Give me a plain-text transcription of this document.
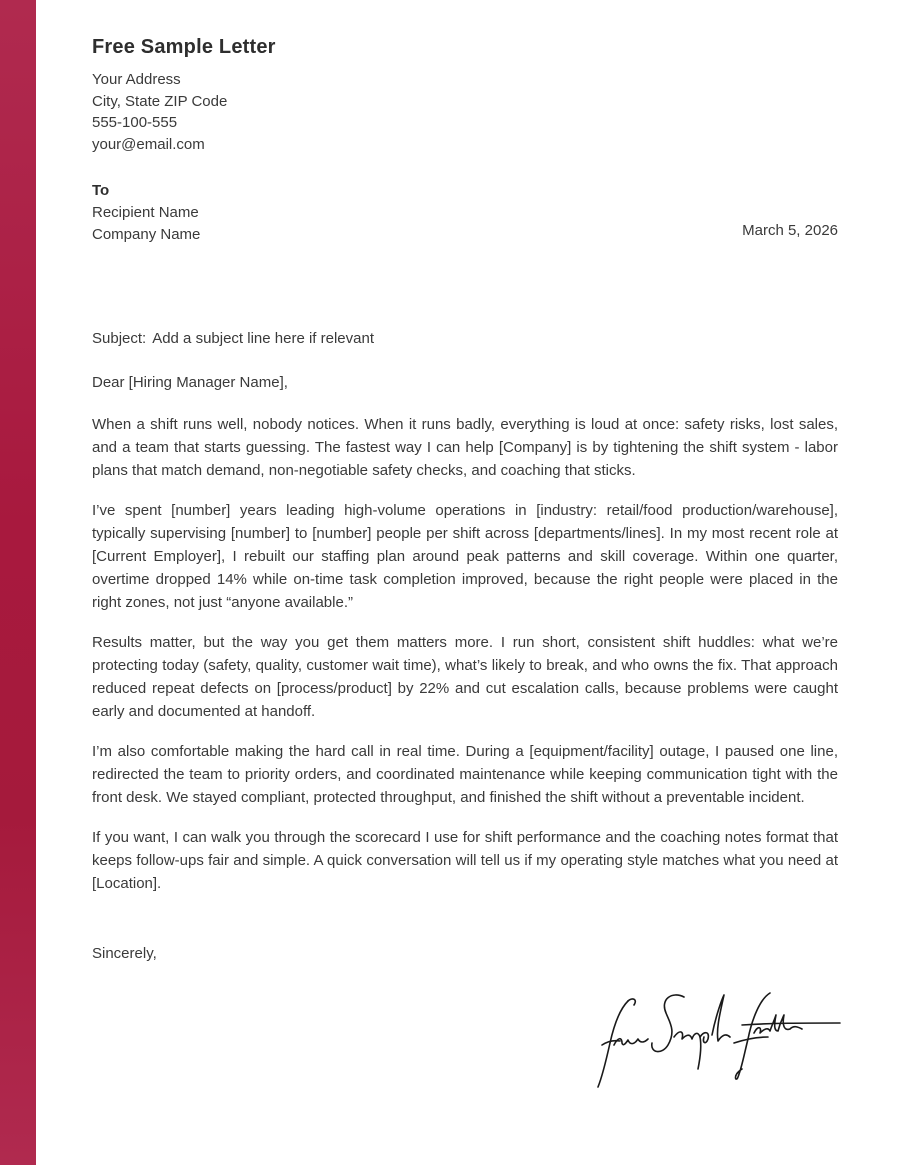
Free Sample Letter
Your Address
City, State ZIP Code
555-100-555
your@email.com
To
Recipient Name
Company Name	March 5, 2026
Subject: Add a subject line here if relevant
Dear [Hiring Manager Name],

When a shift runs well, nobody notices. When it runs badly, everything is loud at once: safety risks, lost sales, and a team that starts guessing. The fastest way I can help [Company] is by tightening the shift system - labor plans that match demand, non-negotiable safety checks, and coaching that sticks.

I’ve spent [number] years leading high-volume operations in [industry: retail/food production/warehouse], typically supervising [number] to [number] people per shift across [departments/lines]. In my most recent role at [Current Employer], I rebuilt our staffing plan around peak patterns and skill coverage. Within one quarter, overtime dropped 14% while on-time task completion improved, because the right people were placed in the right zones, not just “anyone available.”

Results matter, but the way you get them matters more. I run short, consistent shift huddles: what we’re protecting today (safety, quality, customer wait time), what’s likely to break, and who owns the fix. That approach reduced repeat defects on [process/product] by 22% and cut escalation calls, because problems were caught early and documented at handoff.

I’m also comfortable making the hard call in real time. During a [equipment/facility] outage, I paused one line, redirected the team to priority orders, and coordinated maintenance while keeping communication tight with the front desk. We stayed compliant, protected throughput, and finished the shift without a preventable incident.

If you want, I can walk you through the scorecard I use for shift performance and the coaching notes format that keeps follow-ups fair and simple. A quick conversation will tell us if my operating style matches what you need at [Location].

Sincerely,
